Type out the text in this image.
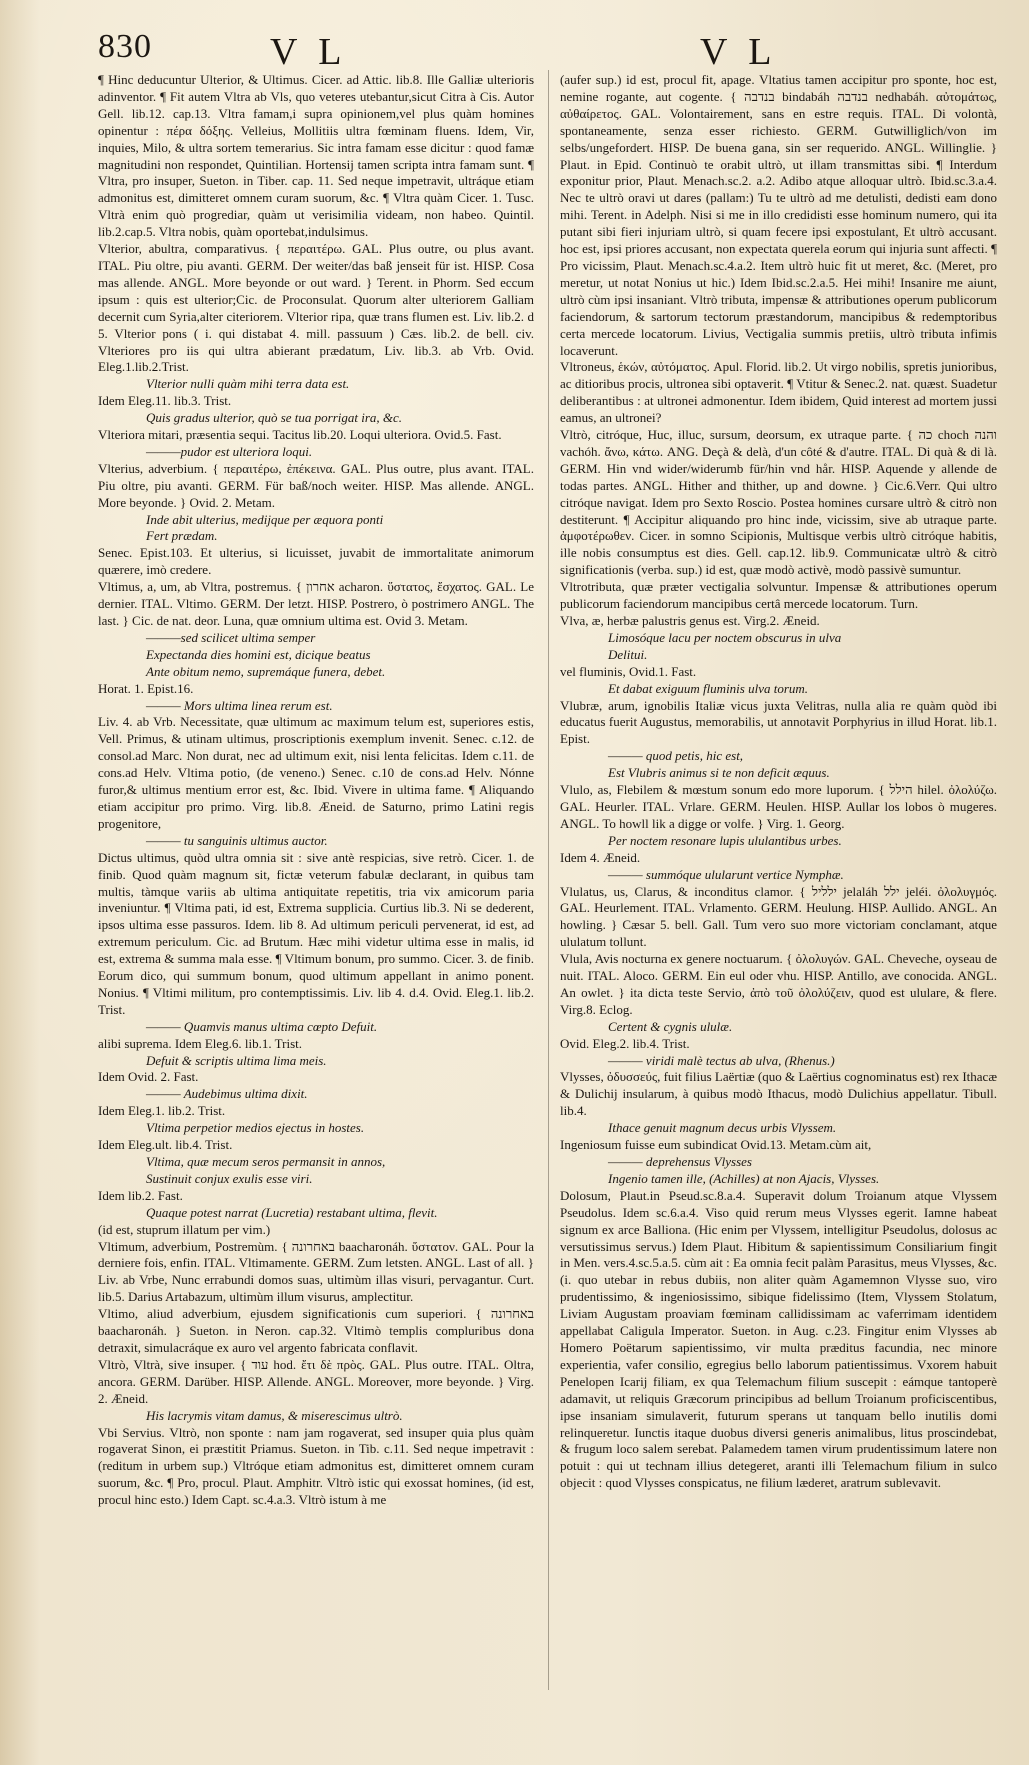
830	V L	V L

¶ Hinc deducuntur Ulterior, & Ultimus. Cicer. ad Attic. lib.8. Ille Galliæ ulterioris adinventor. ¶ Fit autem Vltra ab Vls, quo veteres utebantur,sicut Citra à Cis. Autor Gell. lib.12. cap.13. Vltra famam,i supra opinionem,vel plus quàm homines opinentur : πέρα δόξης. Velleius, Mollitiis ultra fœminam fluens. Idem, Vir, inquies, Milo, & ultra sortem temerarius. Sic intra famam esse dicitur : quod famæ magnitudini non respondet, Quintilian. Hortensij tamen scripta intra famam sunt. ¶ Vltra, pro insuper, Sueton. in Tiber. cap. 11. Sed neque impetravit, ultráque etiam admonitus est, dimitteret omnem curam suorum, &c. ¶ Vltra quàm Cicer. 1. Tusc. Vltrà enim quò progrediar, quàm ut verisimilia videam, non habeo. Quintil. lib.2.cap.5. Vltra nobis, quàm oportebat,indulsimus.

Vlterior, abultra, comparativus. { περαιτέρω. GAL. Plus outre, ou plus avant. ITAL. Piu oltre, piu avanti. GERM. Der weiter/das baß jenseit für ist. HISP. Cosa mas allende. ANGL. More beyonde or out ward. } Terent. in Phorm. Sed eccum ipsum : quis est ulterior;Cic. de Proconsulat. Quorum alter ulteriorem Galliam decernit cum Syria,alter citeriorem. Vlterior ripa, quæ trans flumen est. Liv. lib.2. d 5. Vlterior pons ( i. qui distabat 4. mill. passuum ) Cæs. lib.2. de bell. civ. Vlteriores pro iis qui ultra abierant prædatum, Liv. lib.3. ab Vrb. Ovid. Eleg.1.lib.2.Trist.

Vlterior nulli quàm mihi terra data est.

Idem Eleg.11. lib.3. Trist.

Quis gradus ulterior, quò se tua porrigat ira, &c.

Vlteriora mitari, præsentia sequi. Tacitus lib.20. Loqui ulteriora. Ovid.5. Fast.

———pudor est ulteriora loqui.

Vlterius, adverbium. { περαιτέρω, ἐπέκεινα. GAL. Plus outre, plus avant. ITAL. Piu oltre, piu avanti. GERM. Für baß/noch weiter. HISP. Mas allende. ANGL. More beyonde. } Ovid. 2. Metam.

Inde abit ulterius, medijque per æquora ponti

Fert prædam.

Senec. Epist.103. Et ulterius, si licuisset, juvabit de immortalitate animorum quærere, imò credere.

Vltimus, a, um, ab Vltra, postremus. { אחרון acharon. ὕστατος, ἔσχατος. GAL. Le dernier. ITAL. Vltimo. GERM. Der letzt. HISP. Postrero, ò postrimero ANGL. The last. } Cic. de nat. deor. Luna, quæ omnium ultima est. Ovid 3. Metam.

———sed scilicet ultima semper

Expectanda dies homini est, dicique beatus

Ante obitum nemo, supremáque funera, debet.

Horat. 1. Epist.16.

——— Mors ultima linea rerum est.

Liv. 4. ab Vrb. Necessitate, quæ ultimum ac maximum telum est, superiores estis, Vell. Primus, & utinam ultimus, proscriptionis exemplum invenit. Senec. c.12. de consol.ad Marc. Non durat, nec ad ultimum exit, nisi lenta felicitas. Idem c.11. de cons.ad Helv. Vltima potio, (de veneno.) Senec. c.10 de cons.ad Helv. Nónne furor,& ultimus mentium error est, &c. Ibid. Vivere in ultima fame. ¶ Aliquando etiam accipitur pro primo. Virg. lib.8. Æneid. de Saturno, primo Latini regis progenitore,

——— tu sanguinis ultimus auctor.

Dictus ultimus, quòd ultra omnia sit : sive antè respicias, sive retrò. Cicer. 1. de finib. Quod quàm magnum sit, fictæ veterum fabulæ declarant, in quibus tam multis, tàmque variis ab ultima antiquitate repetitis, tria vix amicorum paria inveniuntur. ¶ Vltima pati, id est, Extrema supplicia. Curtius lib.3. Ni se dederent, ipsos ultima esse passuros. Idem. lib 8. Ad ultimum periculi pervenerat, id est, ad extremum periculum. Cic. ad Brutum. Hæc mihi videtur ultima esse in malis, id est, extrema & summa mala esse. ¶ Vltimum bonum, pro summo. Cicer. 3. de finib. Eorum dico, qui summum bonum, quod ultimum appellant in animo ponent. Nonius. ¶ Vltimi militum, pro contemptissimis. Liv. lib 4. d.4. Ovid. Eleg.1. lib.2. Trist.

——— Quamvis manus ultima cœpto Defuit.

alibi suprema. Idem Eleg.6. lib.1. Trist.

Defuit & scriptis ultima lima meis.

Idem Ovid. 2. Fast.

——— Audebimus ultima dixit.

Idem Eleg.1. lib.2. Trist.

Vltima perpetior medios ejectus in hostes.

Idem Eleg.ult. lib.4. Trist.

Vltima, quæ mecum seros permansit in annos,

Sustinuit conjux exulis esse viri.

Idem lib.2. Fast.

Quaque potest narrat (Lucretia) restabant ultima, flevit.

(id est, stuprum illatum per vim.)

Vltimum, adverbium, Postremùm. { באחרונה baacharonáh. ὕστατον. GAL. Pour la derniere fois, enfin. ITAL. Vltimamente. GERM. Zum letsten. ANGL. Last of all. } Liv. ab Vrbe, Nunc errabundi domos suas, ultimùm illas visuri, pervagantur. Curt. lib.5. Darius Artabazum, ultimùm illum visurus, amplectitur.

Vltimo, aliud adverbium, ejusdem significationis cum superiori. { באחרונה baacharonáh. } Sueton. in Neron. cap.32. Vltimò templis compluribus dona detraxit, simulacráque ex auro vel argento fabricata conflavit.

Vltrò, Vltrà, sive insuper. { עוד hod. ἔτι δὲ πρὸς. GAL. Plus outre. ITAL. Oltra, ancora. GERM. Darüber. HISP. Allende. ANGL. Moreover, more beyonde. } Virg. 2. Æneid.

His lacrymis vitam damus, & miserescimus ultrò.

Vbi Servius. Vltrò, non sponte : nam jam rogaverat, sed insuper quia plus quàm rogaverat Sinon, ei præstitit Priamus. Sueton. in Tib. c.11. Sed neque impetravit : (reditum in urbem sup.) Vltróque etiam admonitus est, dimitteret omnem curam suorum, &c. ¶ Pro, procul. Plaut. Amphitr. Vltrò istic qui exossat homines, (id est, procul hinc esto.) Idem Capt. sc.4.a.3. Vltrò istum à me

(aufer sup.) id est, procul fit, apage. Vltatius tamen accipitur pro sponte, hoc est, nemine rogante, aut cogente. { בנדבה bindabáh בנדבה nedhabáh. αὐτομάτως, αὐθαίρετος. GAL. Volontairement, sans en estre requis. ITAL. Di volontà, spontaneamente, senza esser richiesto. GERM. Gutwilliglich/von im selbs/ungefordert. HISP. De buena gana, sin ser requerido. ANGL. Willinglie. } Plaut. in Epid. Continuò te orabit ultrò, ut illam transmittas sibi. ¶ Interdum exponitur prior, Plaut. Menach.sc.2. a.2. Adibo atque alloquar ultrò. Ibid.sc.3.a.4. Nec te ultrò oravi ut dares (pallam:) Tu te ultrò ad me detulisti, dedisti eam dono mihi. Terent. in Adelph. Nisi si me in illo credidisti esse hominum numero, qui ita putant sibi fieri injuriam ultrò, si quam fecere ipsi expostulant, Et ultrò accusant. hoc est, ipsi priores accusant, non expectata querela eorum qui injuria sunt affecti. ¶ Pro vicissim, Plaut. Menach.sc.4.a.2. Item ultrò huic fit ut meret, &c. (Meret, pro meretur, ut notat Nonius ut hic.) Idem Ibid.sc.2.a.5. Hei mihi! Insanire me aiunt, ultrò cùm ipsi insaniant. Vltrò tributa, impensæ & attributiones operum publicorum faciendorum, & sartorum tectorum præstandorum, mancipibus & redemptoribus certa mercede locatorum. Livius, Vectigalia summis pretiis, ultrò tributa infimis locaverunt.

Vltroneus, ἑκών, αὐτόματος. Apul. Florid. lib.2. Ut virgo nobilis, spretis junioribus, ac ditioribus procis, ultronea sibi optaverit. ¶ Vtitur & Senec.2. nat. quæst. Suadetur deliberantibus : at ultronei admonentur. Idem ibidem, Quid interest ad mortem jussi eamus, an ultronei?

Vltrò, citróque, Huc, illuc, sursum, deorsum, ex utraque parte. { כה choch והנה vachóh. ἄνω, κάτω. ANG. Deçà & delà, d'un côté & d'autre. ITAL. Di quà & di là. GERM. Hin vnd wider/widerumb für/hin vnd hår. HISP. Aquende y allende de todas partes. ANGL. Hither and thither, up and downe. } Cic.6.Verr. Qui ultro citróque navigat. Idem pro Sexto Roscio. Postea homines cursare ultrò & citrò non destiterunt. ¶ Accipitur aliquando pro hinc inde, vicissim, sive ab utraque parte. ἀμφοτέρωθεν. Cicer. in somno Scipionis, Multisque verbis ultrò citróque habitis, ille nobis consumptus est dies. Gell. cap.12. lib.9. Communicatæ ultrò & citrò significationis (verba. sup.) id est, quæ modò activè, modò passivè sumuntur.

Vltrotributa, quæ præter vectigalia solvuntur. Impensæ & attributiones operum publicorum faciendorum mancipibus certâ mercede locatorum. Turn.

Vlva, æ, herbæ palustris genus est. Virg.2. Æneid.

Limosóque lacu per noctem obscurus in ulva

Delitui.

vel fluminis, Ovid.1. Fast.

Et dabat exiguum fluminis ulva torum.

Vlubræ, arum, ignobilis Italiæ vicus juxta Velitras, nulla alia re quàm quòd ibi educatus fuerit Augustus, memorabilis, ut annotavit Porphyrius in illud Horat. lib.1. Epist.

——— quod petis, hic est,

Est Vlubris animus si te non deficit æquus.

Vlulo, as, Flebilem & mœstum sonum edo more luporum. { הילל hilel. ὀλολύζω. GAL. Heurler. ITAL. Vrlare. GERM. Heulen. HISP. Aullar los lobos ò mugeres. ANGL. To howll lik a digge or volfe. } Virg. 1. Georg.

Per noctem resonare lupis ululantibus urbes.

Idem 4. Æneid.

——— summóque ulularunt vertice Nymphæ.

Vlulatus, us, Clarus, & inconditus clamor. { ילליל jelaláh ילל jeléi. ὀλολυγμός. GAL. Heurlement. ITAL. Vrlamento. GERM. Heulung. HISP. Aullido. ANGL. An howling. } Cæsar 5. bell. Gall. Tum vero suo more victoriam conclamant, atque ululatum tollunt.

Vlula, Avis nocturna ex genere noctuarum. { ὀλολυγών. GAL. Cheveche, oyseau de nuit. ITAL. Aloco. GERM. Ein eul oder vhu. HISP. Antillo, ave conocida. ANGL. An owlet. } ita dicta teste Servio, ἀπὸ τοῦ ὀλολύζειν, quod est ululare, & flere. Virg.8. Eclog.

Certent & cygnis ululæ.

Ovid. Eleg.2. lib.4. Trist.

——— viridi malè tectus ab ulva, (Rhenus.)

Vlysses, ὀδυσσεύς, fuit filius Laërtiæ (quo & Laërtius cognominatus est) rex Ithacæ & Dulichij insularum, à quibus modò Ithacus, modò Dulichius appellatur. Tibull. lib.4.

Ithace genuit magnum decus urbis Vlyssem.

Ingeniosum fuisse eum subindicat Ovid.13. Metam.cùm ait,

——— deprehensus Vlysses

Ingenio tamen ille, (Achilles) at non Ajacis, Vlysses.

Dolosum, Plaut.in Pseud.sc.8.a.4. Superavit dolum Troianum atque Vlyssem Pseudolus. Idem sc.6.a.4. Viso quid rerum meus Vlysses egerit. Iamne habeat signum ex arce Balliona. (Hic enim per Vlyssem, intelligitur Pseudolus, dolosus ac versutissimus servus.) Idem Plaut. Hibitum & sapientissimum Consiliarium fingit in Men. vers.4.sc.5.a.5. cùm ait : Ea omnia fecit palàm Parasitus, meus Vlysses, &c. (i. quo utebar in rebus dubiis, non aliter quàm Agamemnon Vlysse suo, viro prudentissimo, & ingeniosissimo, sibique fidelissimo (Item, Vlyssem Stolatum, Liviam Augustam proaviam fœminam callidissimam ac vaferrimam identidem appellabat Caligula Imperator. Sueton. in Aug. c.23. Fingitur enim Vlysses ab Homero Poëtarum sapientissimo, vir multa præditus facundia, nec minore experientia, vafer consilio, egregius bello laborum patientissimus. Vxorem habuit Penelopen Icarij filiam, ex qua Telemachum filium suscepit : eámque tantoperè adamavit, ut reliquis Græcorum principibus ad bellum Troianum proficiscentibus, ipse insaniam simulaverit, futurum sperans ut tanquam bello inutilis domi relinqueretur. Iunctis itaque duobus diversi generis animalibus, litus proscindebat, & frugum loco salem serebat. Palamedem tamen virum prudentissimum latere non potuit : qui ut technam illius detegeret, aranti illi Telemachum filium in sulco objecit : quod Vlysses conspicatus, ne filium læderet, aratrum sublevavit.
